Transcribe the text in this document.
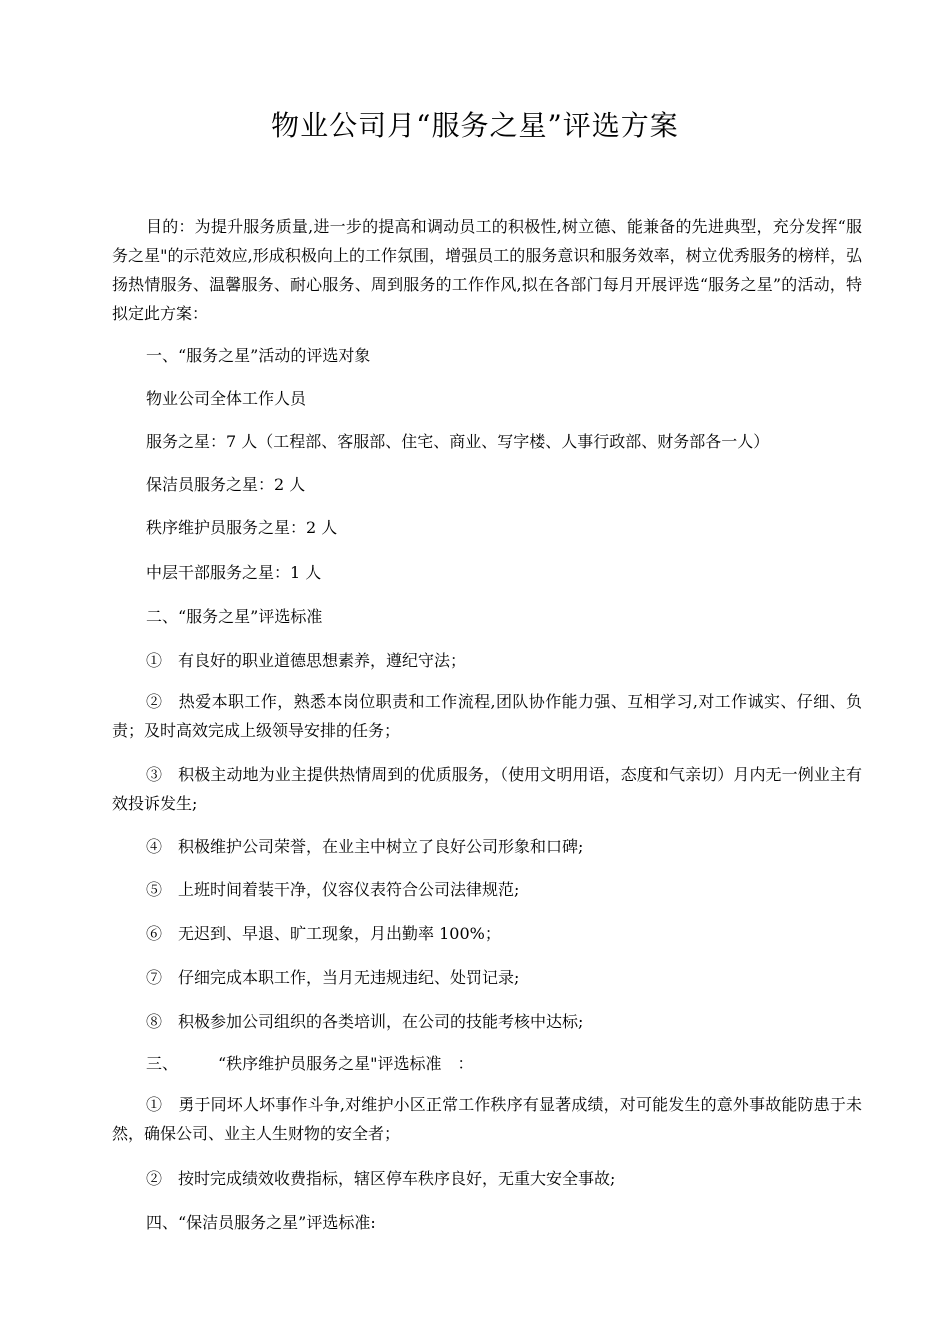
物业公司月“服务之星”评选方案

目的：为提升服务质量,进一步的提高和调动员工的积极性,树立德、能兼备的先进典型，充分发挥“服务之星"的示范效应,形成积极向上的工作氛围，增强员工的服务意识和服务效率，树立优秀服务的榜样，弘扬热情服务、温馨服务、耐心服务、周到服务的工作作风,拟在各部门每月开展评选“服务之星”的活动，特拟定此方案：

一、“服务之星”活动的评选对象

物业公司全体工作人员

服务之星：7 人（工程部、客服部、住宅、商业、写字楼、人事行政部、财务部各一人）

保洁员服务之星：2 人

秩序维护员服务之星：2 人

中层干部服务之星：1 人

二、“服务之星”评选标准

①　有良好的职业道德思想素养，遵纪守法；

②　热爱本职工作，熟悉本岗位职责和工作流程,团队协作能力强、互相学习,对工作诚实、仔细、负责；及时高效完成上级领导安排的任务；

③　积极主动地为业主提供热情周到的优质服务，（使用文明用语，态度和气亲切）月内无一例业主有效投诉发生;

④　积极维护公司荣誉，在业主中树立了良好公司形象和口碑;

⑤　上班时间着装干净，仪容仪表符合公司法律规范;

⑥　无迟到、早退、旷工现象，月出勤率 100%；

⑦　仔细完成本职工作，当月无违规违纪、处罚记录;

⑧　积极参加公司组织的各类培训，在公司的技能考核中达标;

三、　　　“秩序维护员服务之星"评选标准　：

①　勇于同坏人坏事作斗争,对维护小区正常工作秩序有显著成绩，对可能发生的意外事故能防患于未然，确保公司、业主人生财物的安全者；

②　按时完成绩效收费指标，辖区停车秩序良好，无重大安全事故;

四、“保洁员服务之星”评选标准:
